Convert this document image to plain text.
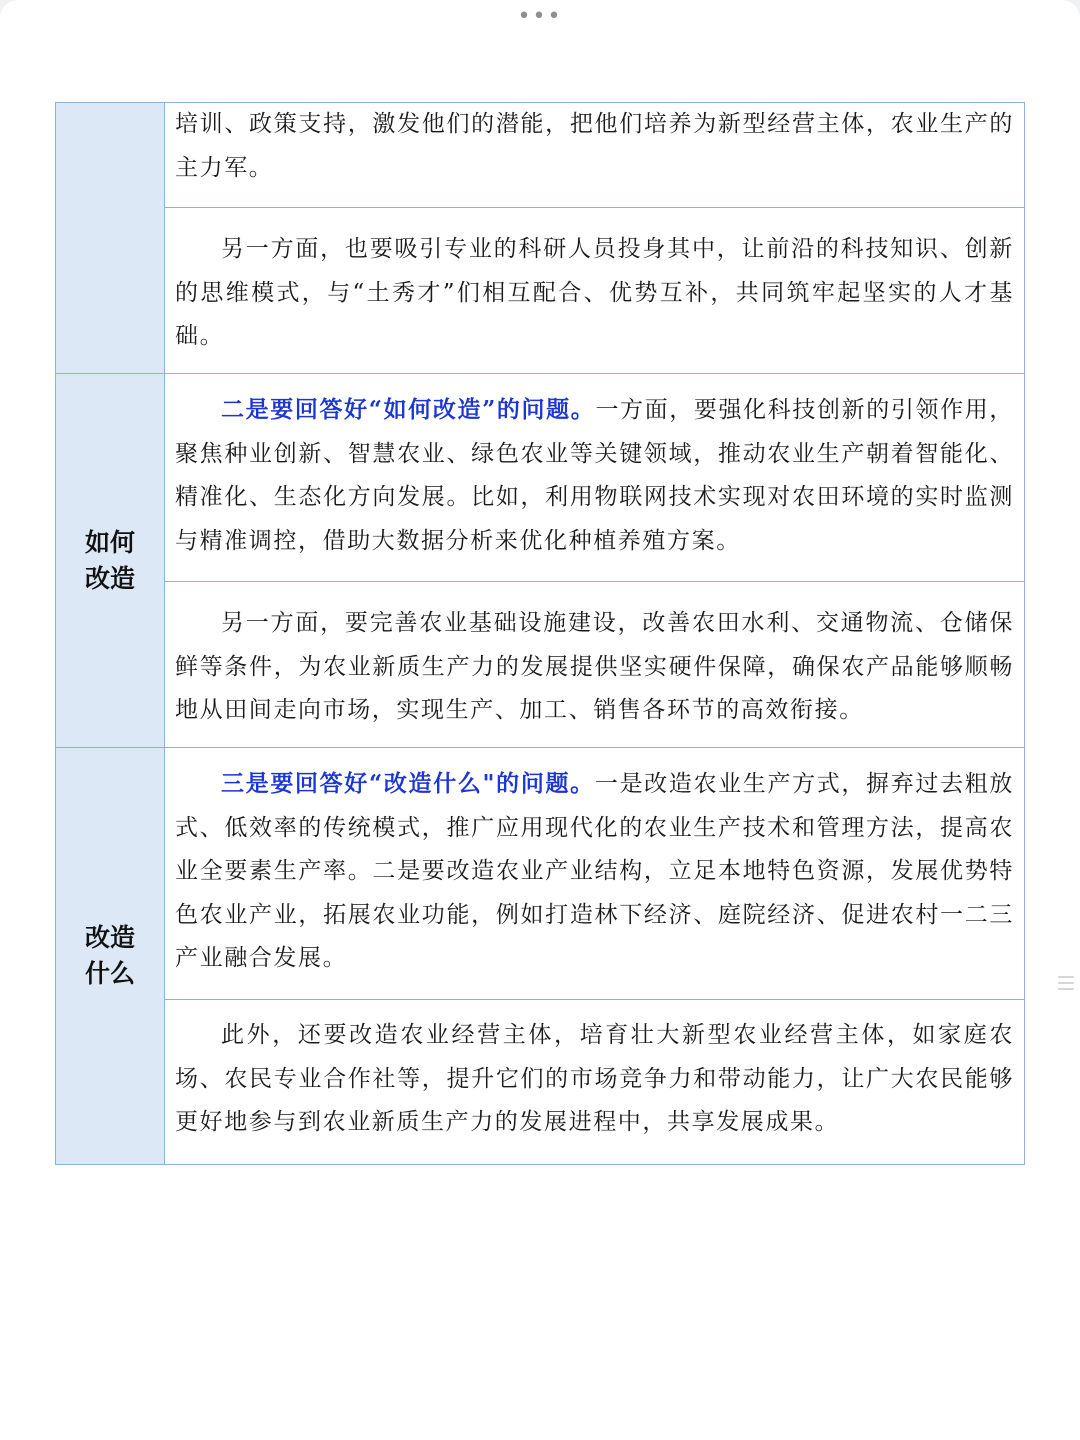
•••

	培训、政策支持，激发他们的潜能，把他们培养为新型经营主体，农业生产的主力军。

	另一方面，也要吸引专业的科研人员投身其中，让前沿的科技知识、创新的思维模式，与“土秀才”们相互配合、优势互补，共同筑牢起坚实的人才基础。

如何
改造	二是要回答好“如何改造”的问题。一方面，要强化科技创新的引领作用，聚焦种业创新、智慧农业、绿色农业等关键领域，推动农业生产朝着智能化、精准化、生态化方向发展。比如，利用物联网技术实现对农田环境的实时监测与精准调控，借助大数据分析来优化种植养殖方案。

	另一方面，要完善农业基础设施建设，改善农田水利、交通物流、仓储保鲜等条件，为农业新质生产力的发展提供坚实硬件保障，确保农产品能够顺畅地从田间走向市场，实现生产、加工、销售各环节的高效衔接。

改造
什么	三是要回答好“改造什么"的问题。一是改造农业生产方式，摒弃过去粗放式、低效率的传统模式，推广应用现代化的农业生产技术和管理方法，提高农业全要素生产率。二是要改造农业产业结构，立足本地特色资源，发展优势特色农业产业，拓展农业功能，例如打造林下经济、庭院经济、促进农村一二三产业融合发展。

	此外，还要改造农业经营主体，培育壮大新型农业经营主体，如家庭农场、农民专业合作社等，提升它们的市场竞争力和带动能力，让广大农民能够更好地参与到农业新质生产力的发展进程中，共享发展成果。
